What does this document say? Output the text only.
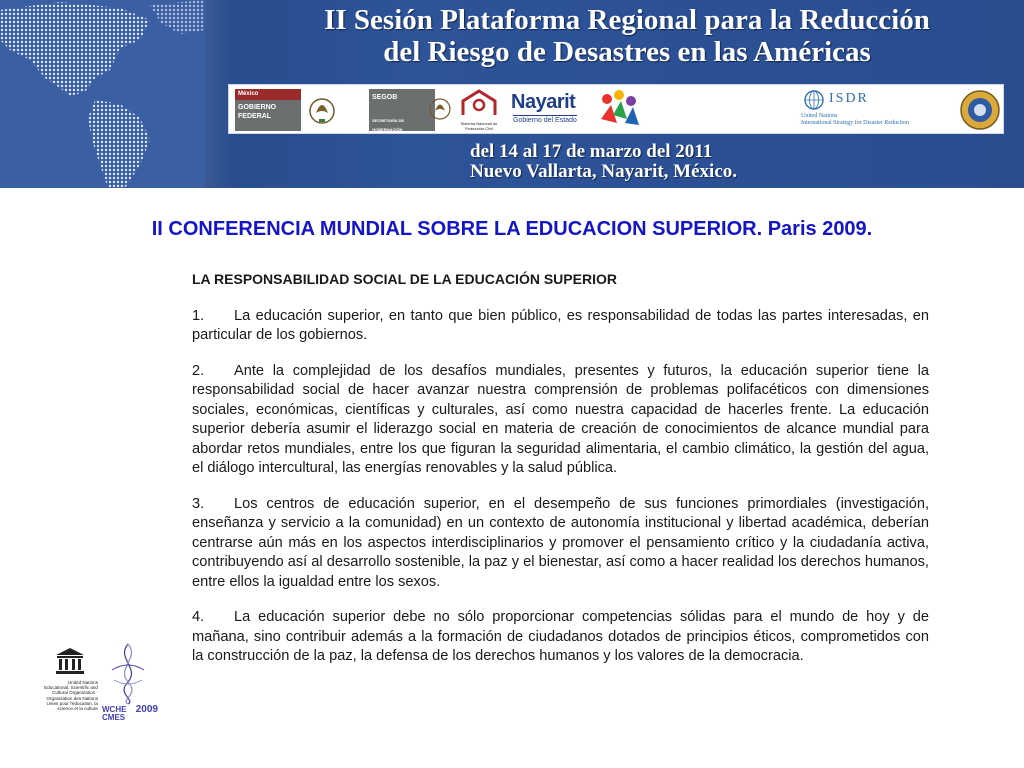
II Sesión Plataforma Regional para la Reducción
del Riesgo de Desastres en las Américas
México
GOBIERNO FEDERAL
SEGOB
SECRETARÍA DE GOBERNACIÓN
Sistema Nacional de Protección Civil
Nayarit
Gobierno del Estado
ISDR
United Nations
International Strategy for Disaster Reduction
del 14 al 17 de marzo del 2011
Nuevo Vallarta, Nayarit, México.
II CONFERENCIA MUNDIAL SOBRE LA EDUCACION SUPERIOR. Paris 2009.
LA RESPONSABILIDAD SOCIAL DE LA EDUCACIÓN SUPERIOR

1. La educación superior, en tanto que bien público, es responsabilidad de todas las partes interesadas, en particular de los gobiernos.

2. Ante la complejidad de los desafíos mundiales, presentes y futuros, la educación superior tiene la responsabilidad social de hacer avanzar nuestra comprensión de problemas polifacéticos con dimensiones sociales, económicas, científicas y culturales, así como nuestra capacidad de hacerles frente. La educación superior debería asumir el liderazgo social en materia de creación de conocimientos de alcance mundial para abordar retos mundiales, entre los que figuran la seguridad alimentaria, el cambio climático, la gestión del agua, el diálogo intercultural, las energías renovables y la salud pública.

3. Los centros de educación superior, en el desempeño de sus funciones primordiales (investigación, enseñanza y servicio a la comunidad) en un contexto de autonomía institucional y libertad académica, deberían centrarse aún más en los aspectos interdisciplinarios y promover el pensamiento crítico y la ciudadanía activa, contribuyendo así al desarrollo sostenible, la paz y el bienestar, así como a hacer realidad los derechos humanos, entre ellos la igualdad entre los sexos.

4. La educación superior debe no sólo proporcionar competencias sólidas para el mundo de hoy y de mañana, sino contribuir además a la formación de ciudadanos dotados de principios éticos, comprometidos con la construcción de la paz, la defensa de los derechos humanos y los valores de la democracia.

United Nations Educational, Scientific and Cultural Organization · Organisation des Nations Unies pour l'éducation, la science et la culture WCHE
CMES
2009
